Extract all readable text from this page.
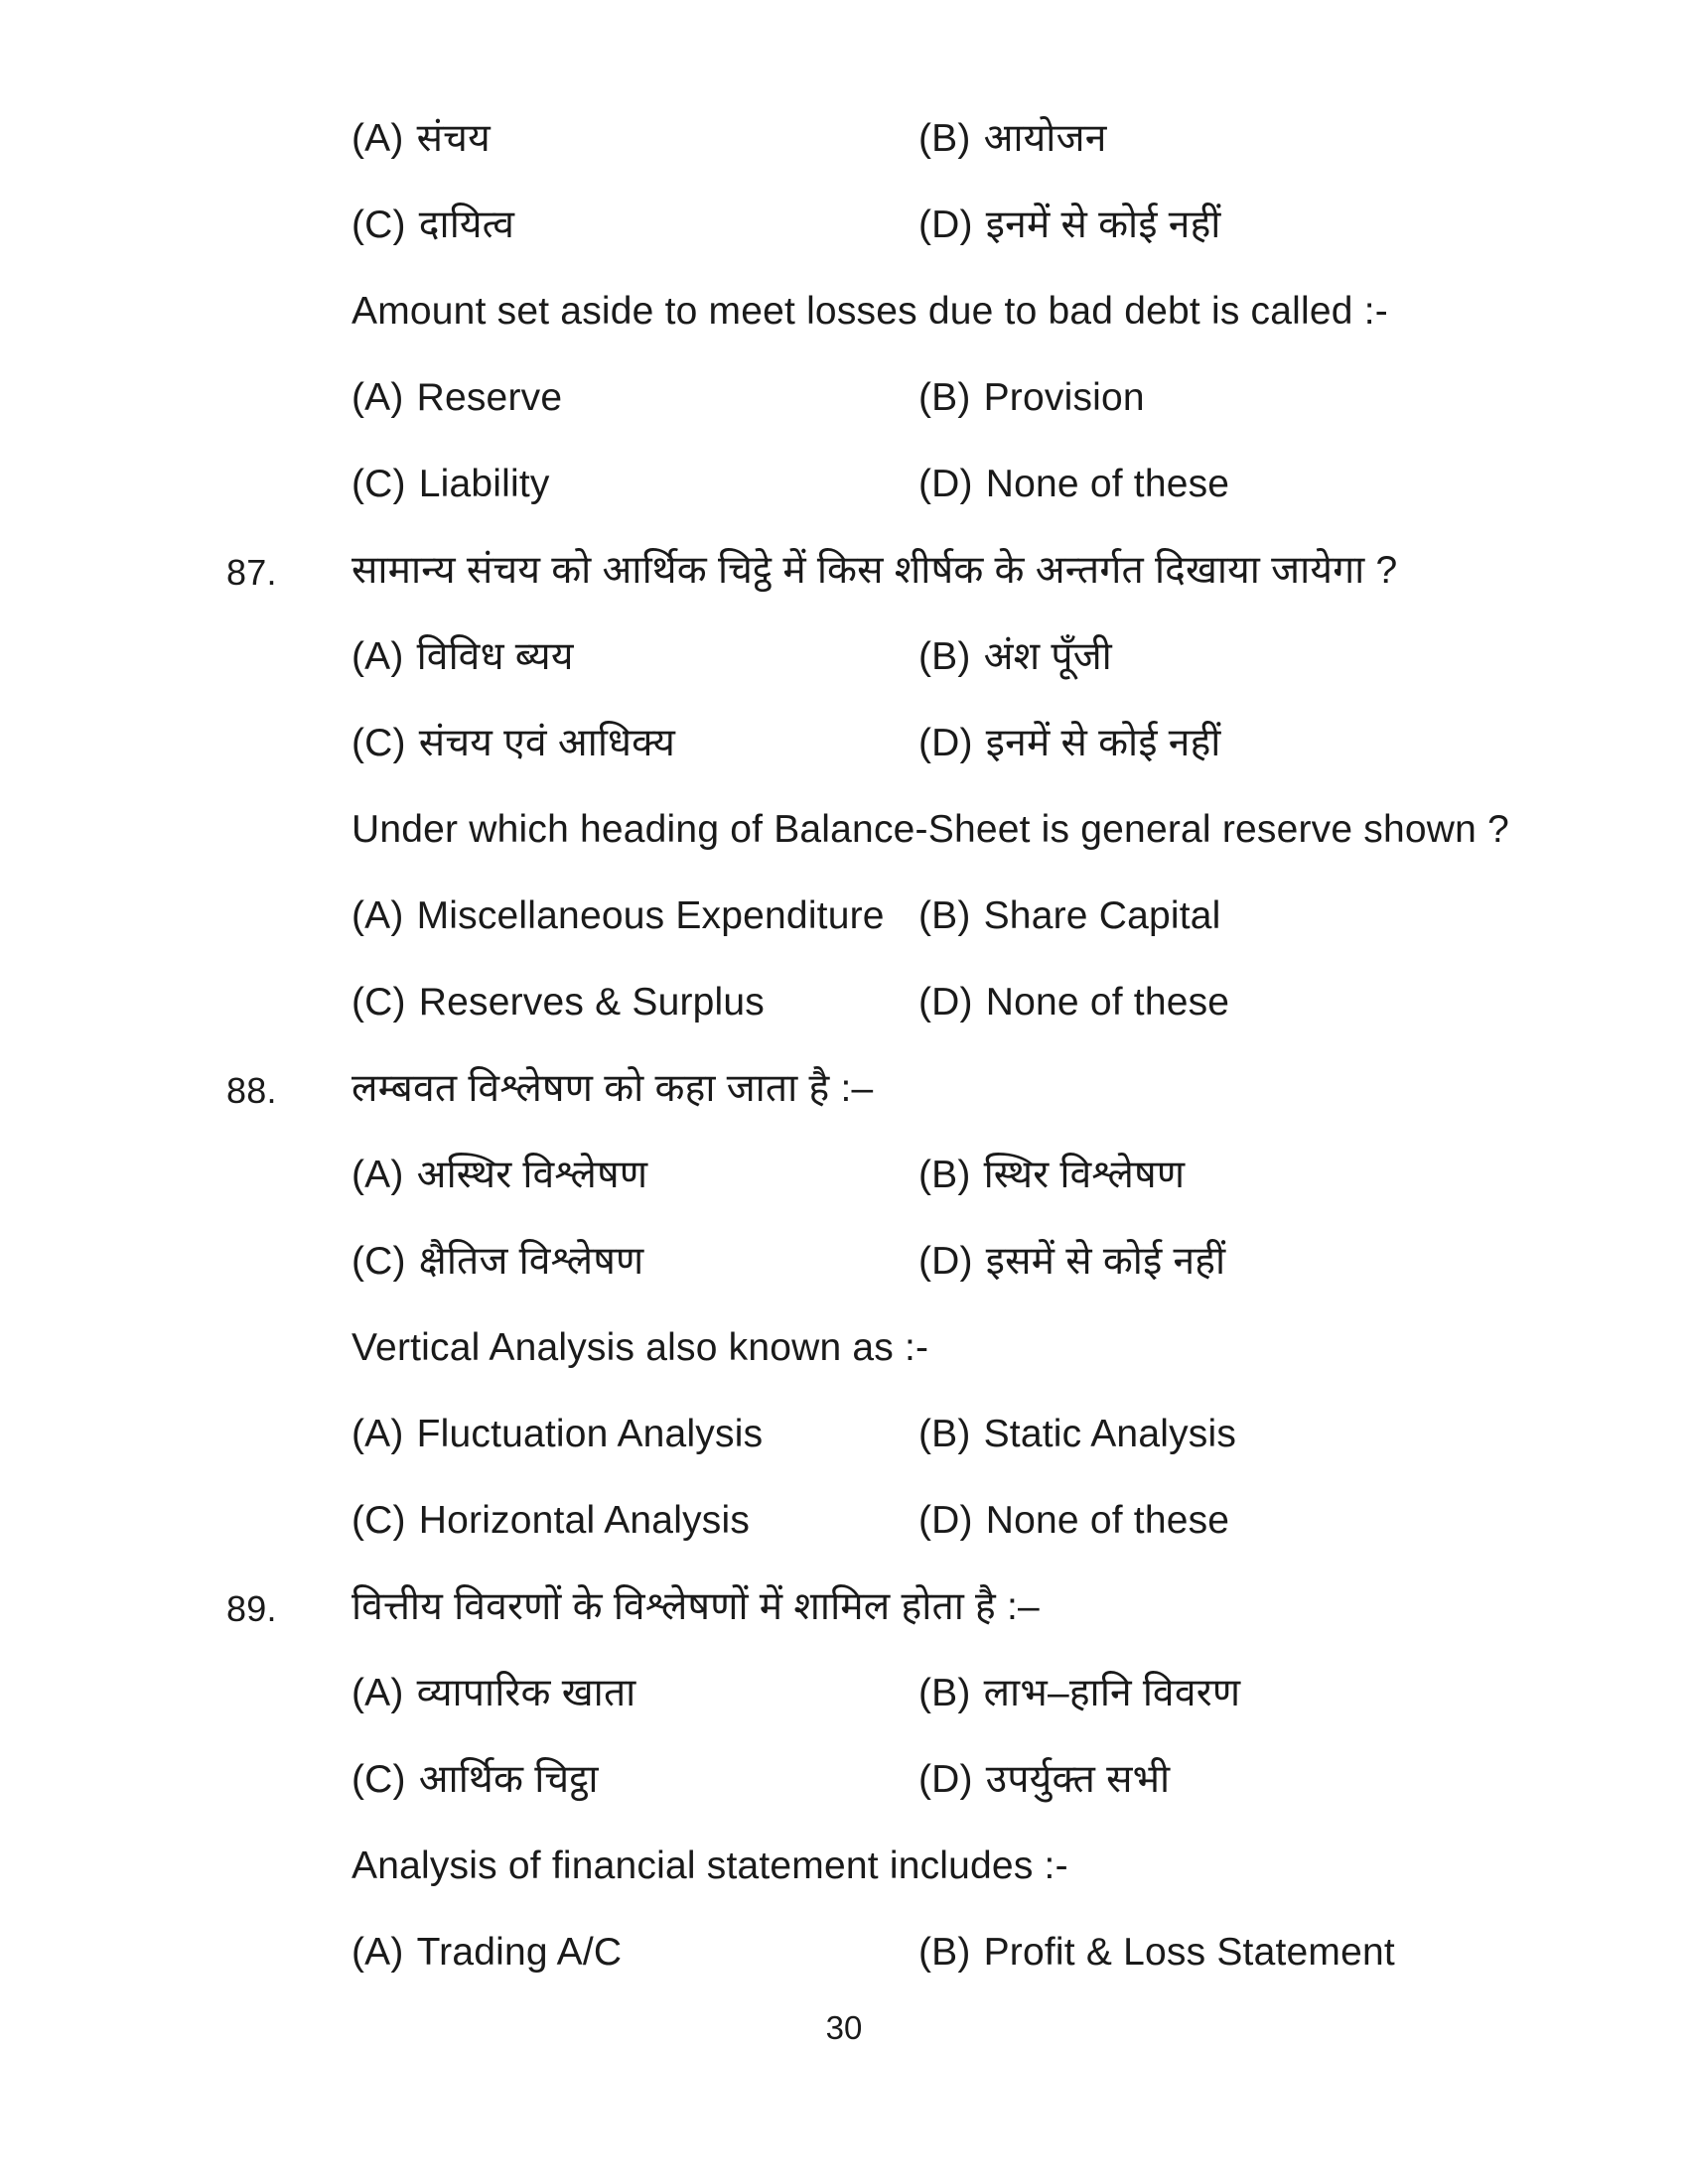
(A) संचय	(B) आयोजन
(C) दायित्व	(D) इनमें से कोई नहीं
Amount set aside to meet losses due to bad debt is called :-
(A) Reserve	(B) Provision
(C) Liability	(D) None of these
87. सामान्य संचय को आर्थिक चिट्ठे में किस शीर्षक के अन्तर्गत दिखाया जायेगा ?
(A) विविध ब्यय	(B) अंश पूँजी
(C) संचय एवं आधिक्य	(D) इनमें से कोई नहीं
Under which heading of Balance-Sheet is general reserve shown ?
(A) Miscellaneous Expenditure (B) Share Capital
(C) Reserves & Surplus	(D) None of these
88. लम्बवत विश्लेषण को कहा जाता है :–
(A) अस्थिर विश्लेषण	(B) स्थिर विश्लेषण
(C) क्षैतिज विश्लेषण	(D) इसमें से कोई नहीं
Vertical Analysis also known as :-
(A) Fluctuation Analysis	(B) Static Analysis
(C) Horizontal Analysis	(D) None of these
89. वित्तीय विवरणों के विश्लेषणों में शामिल होता है :–
(A) व्यापारिक खाता	(B) लाभ–हानि विवरण
(C) आर्थिक चिट्ठा	(D) उपर्युक्त सभी
Analysis of financial statement includes :-
(A) Trading A/C	(B) Profit & Loss Statement
30
